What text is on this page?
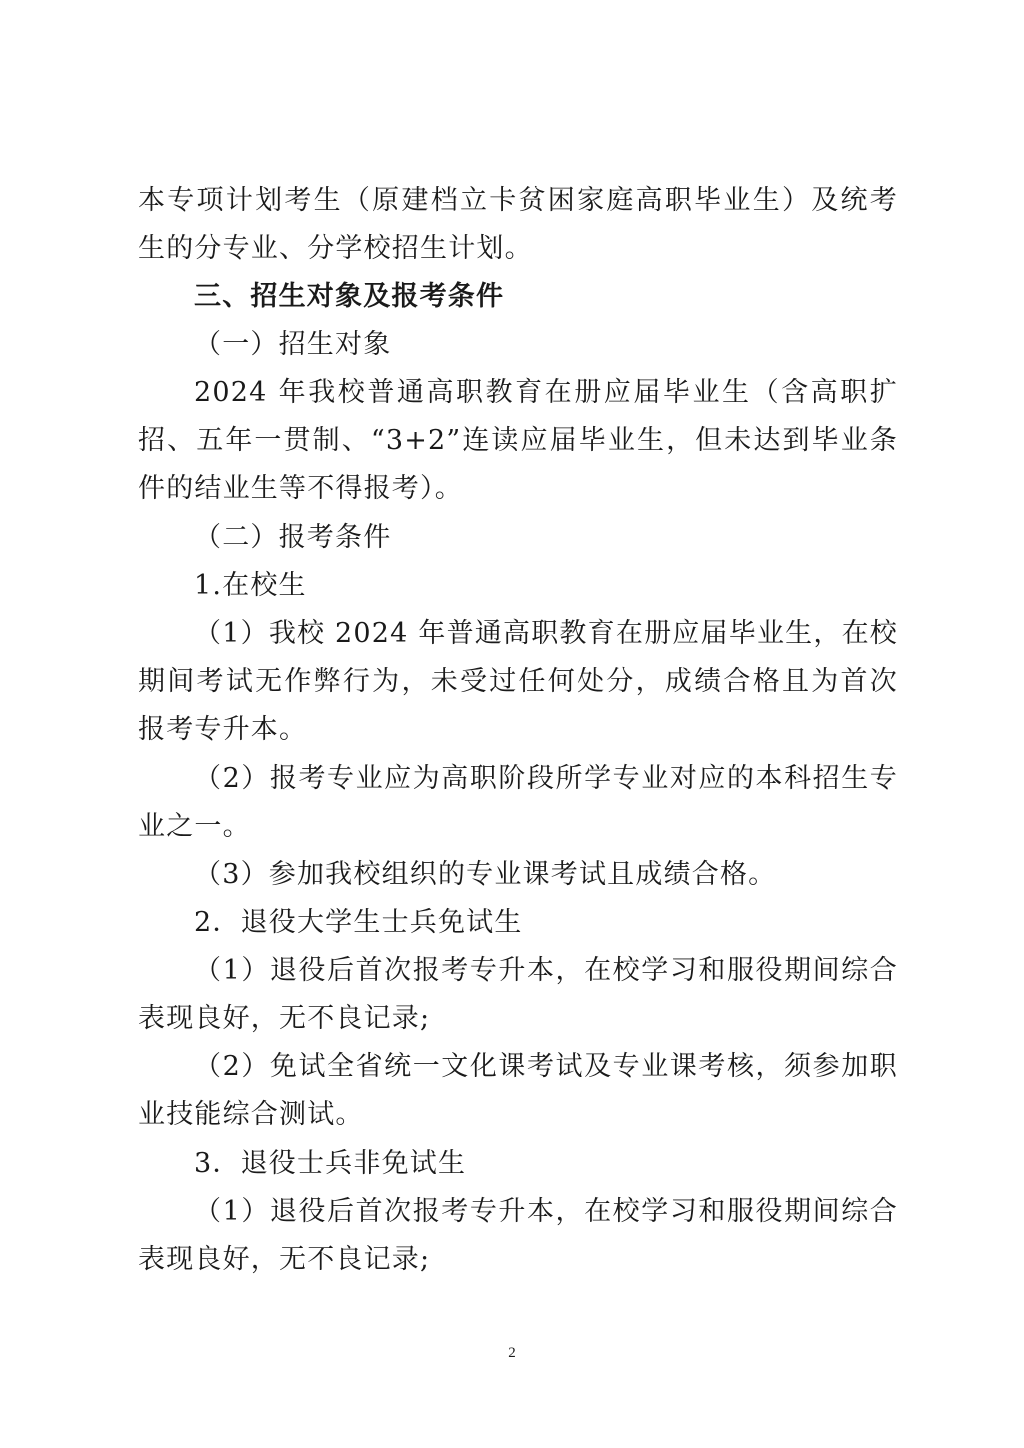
本专项计划考生（原建档立卡贫困家庭高职毕业生）及统考生的分专业、分学校招生计划。

三、招生对象及报考条件

（一）招生对象

2024 年我校普通高职教育在册应届毕业生（含高职扩招、五年一贯制、“3+2”连读应届毕业生，但未达到毕业条件的结业生等不得报考）。

（二）报考条件

1.在校生

（1）我校 2024 年普通高职教育在册应届毕业生，在校期间考试无作弊行为，未受过任何处分，成绩合格且为首次报考专升本。

（2）报考专业应为高职阶段所学专业对应的本科招生专业之一。

（3）参加我校组织的专业课考试且成绩合格。

2．退役大学生士兵免试生

（1）退役后首次报考专升本，在校学习和服役期间综合表现良好，无不良记录;

（2）免试全省统一文化课考试及专业课考核，须参加职业技能综合测试。

3．退役士兵非免试生

（1）退役后首次报考专升本，在校学习和服役期间综合表现良好，无不良记录;

2
